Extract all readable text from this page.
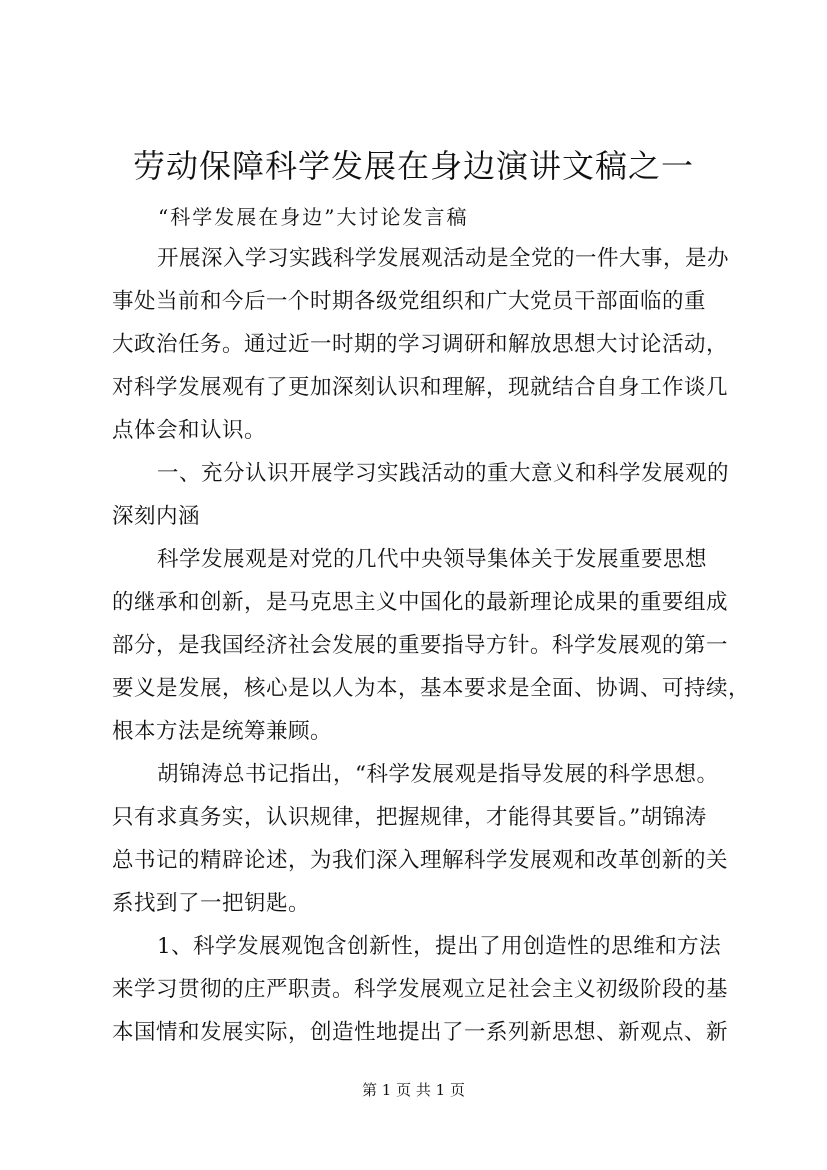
劳动保障科学发展在身边演讲文稿之一
“科学发展在身边”大讨论发言稿
开展深入学习实践科学发展观活动是全党的一件大事，是办
事处当前和今后一个时期各级党组织和广大党员干部面临的重
大政治任务。通过近一时期的学习调研和解放思想大讨论活动，
对科学发展观有了更加深刻认识和理解，现就结合自身工作谈几
点体会和认识。
一、充分认识开展学习实践活动的重大意义和科学发展观的
深刻内涵
科学发展观是对党的几代中央领导集体关于发展重要思想
的继承和创新，是马克思主义中国化的最新理论成果的重要组成
部分，是我国经济社会发展的重要指导方针。科学发展观的第一
要义是发展，核心是以人为本，基本要求是全面、协调、可持续，
根本方法是统筹兼顾。
胡锦涛总书记指出，“科学发展观是指导发展的科学思想。
只有求真务实，认识规律，把握规律，才能得其要旨。”胡锦涛
总书记的精辟论述，为我们深入理解科学发展观和改革创新的关
系找到了一把钥匙。
1、科学发展观饱含创新性，提出了用创造性的思维和方法
来学习贯彻的庄严职责。科学发展观立足社会主义初级阶段的基
本国情和发展实际，创造性地提出了一系列新思想、新观点、新
第 1 页 共 1 页
